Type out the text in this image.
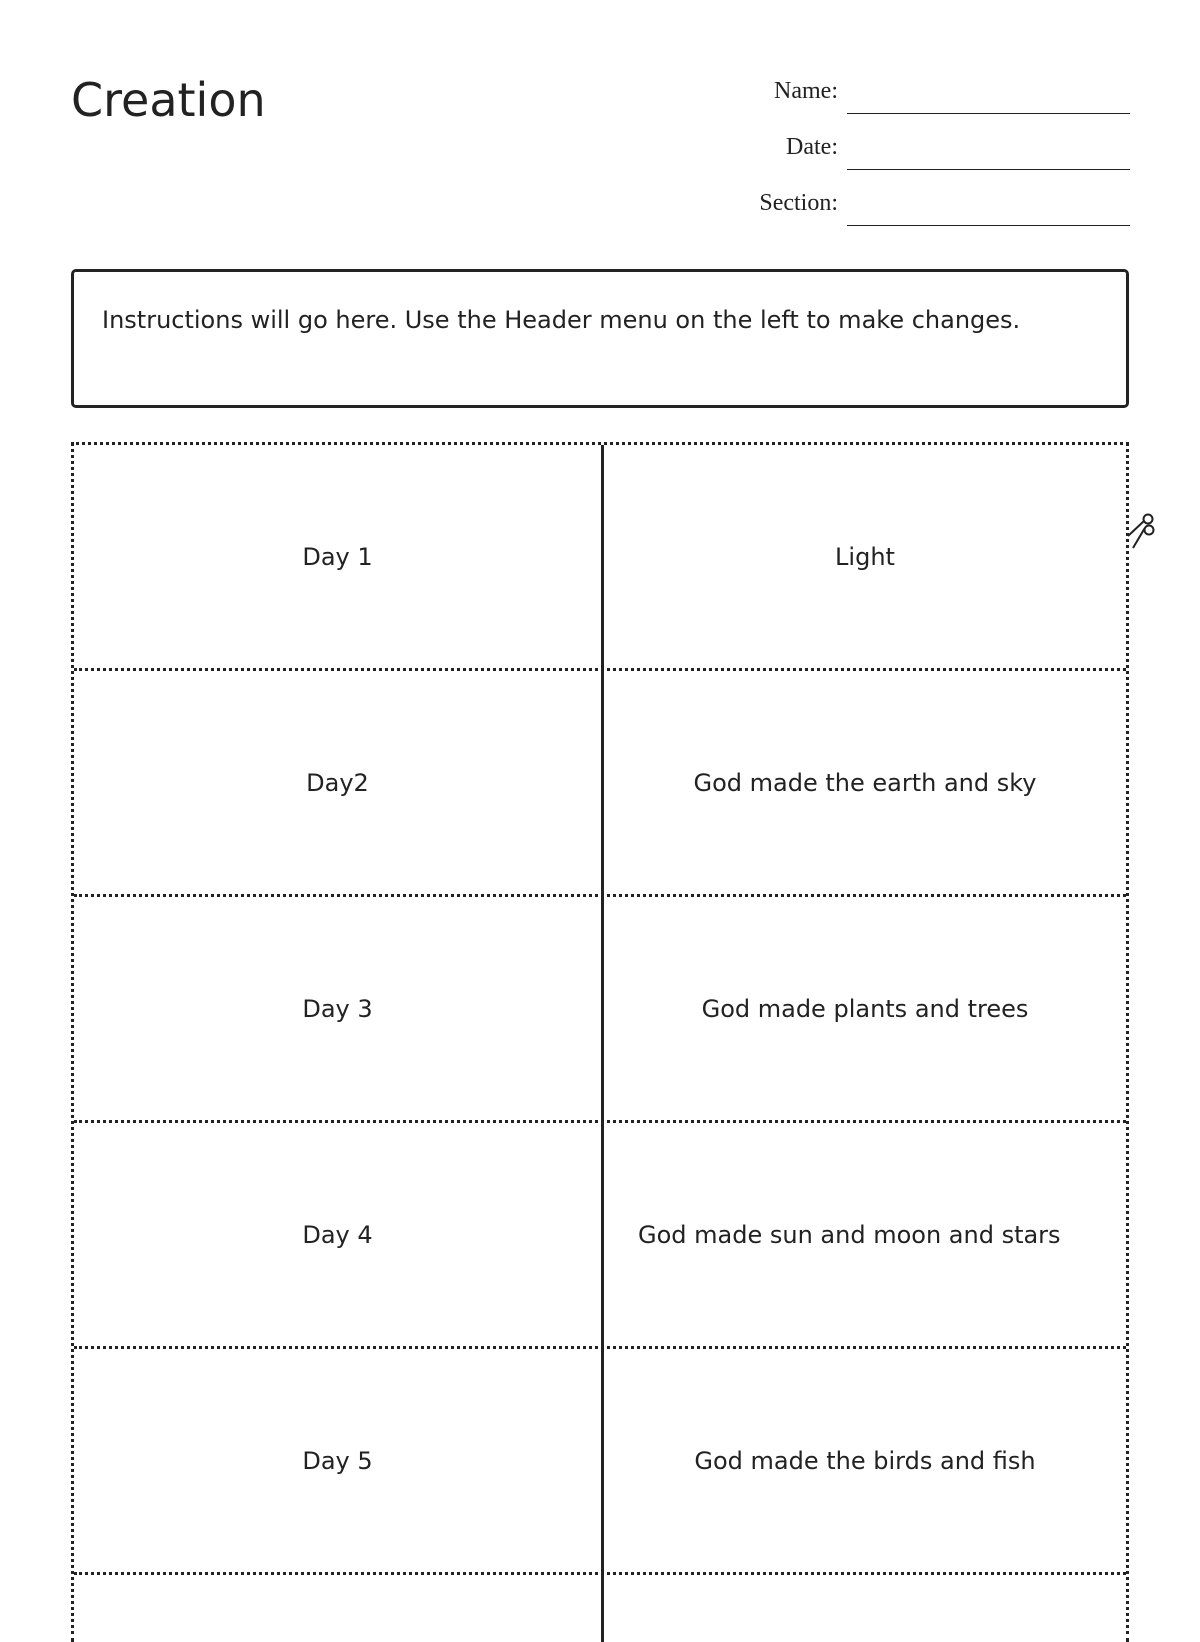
Creation	Name:
Date:
Section:
Instructions will go here. Use the Header menu on the left to make changes.
Day 1	Light
Day2	God made the earth and sky
Day 3	God made plants and trees
Day 4	God made sun and moon and stars
Day 5	God made the birds and fish
